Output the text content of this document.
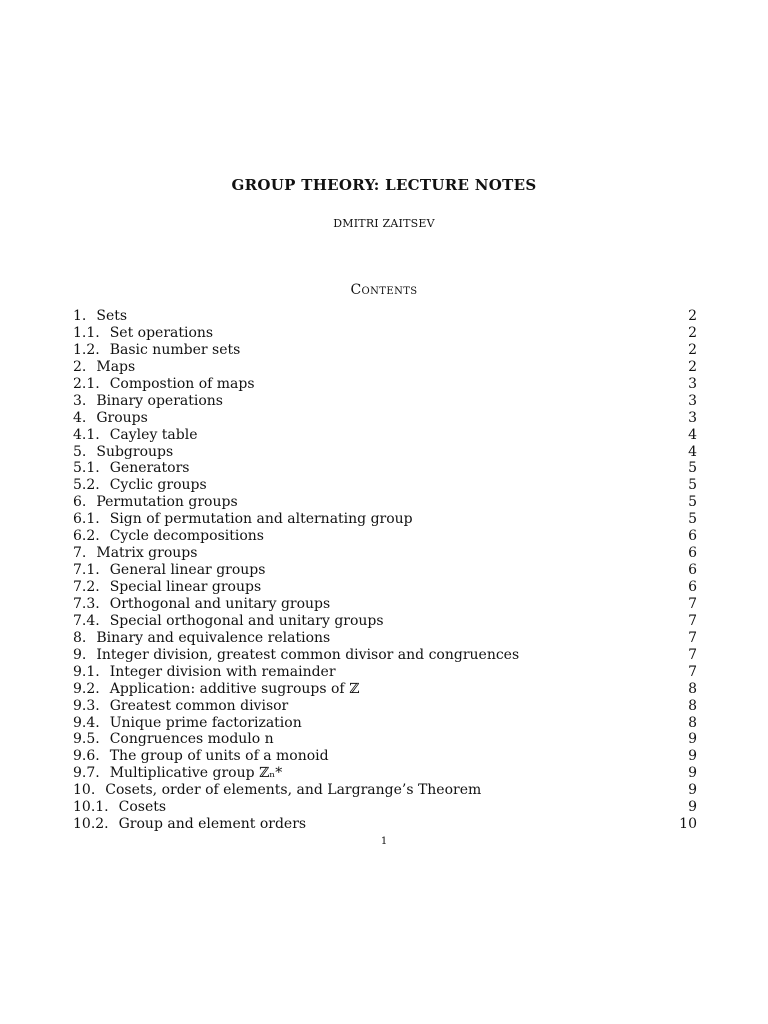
GROUP THEORY: LECTURE NOTES
DMITRI ZAITSEV
Contents
1. Sets	2
1.1. Set operations	2
1.2. Basic number sets	2
2. Maps	2
2.1. Compostion of maps	3
3. Binary operations	3
4. Groups	3
4.1. Cayley table	4
5. Subgroups	4
5.1. Generators	5
5.2. Cyclic groups	5
6. Permutation groups	5
6.1. Sign of permutation and alternating group	5
6.2. Cycle decompositions	6
7. Matrix groups	6
7.1. General linear groups	6
7.2. Special linear groups	6
7.3. Orthogonal and unitary groups	7
7.4. Special orthogonal and unitary groups	7
8. Binary and equivalence relations	7
9. Integer division, greatest common divisor and congruences	7
9.1. Integer division with remainder	7
9.2. Application: additive sugroups of ℤ	8
9.3. Greatest common divisor	8
9.4. Unique prime factorization	8
9.5. Congruences modulo n	9
9.6. The group of units of a monoid	9
9.7. Multiplicative group ℤₙ*	9
10. Cosets, order of elements, and Largrange’s Theorem	9
10.1. Cosets	9
10.2. Group and element orders	10
1
